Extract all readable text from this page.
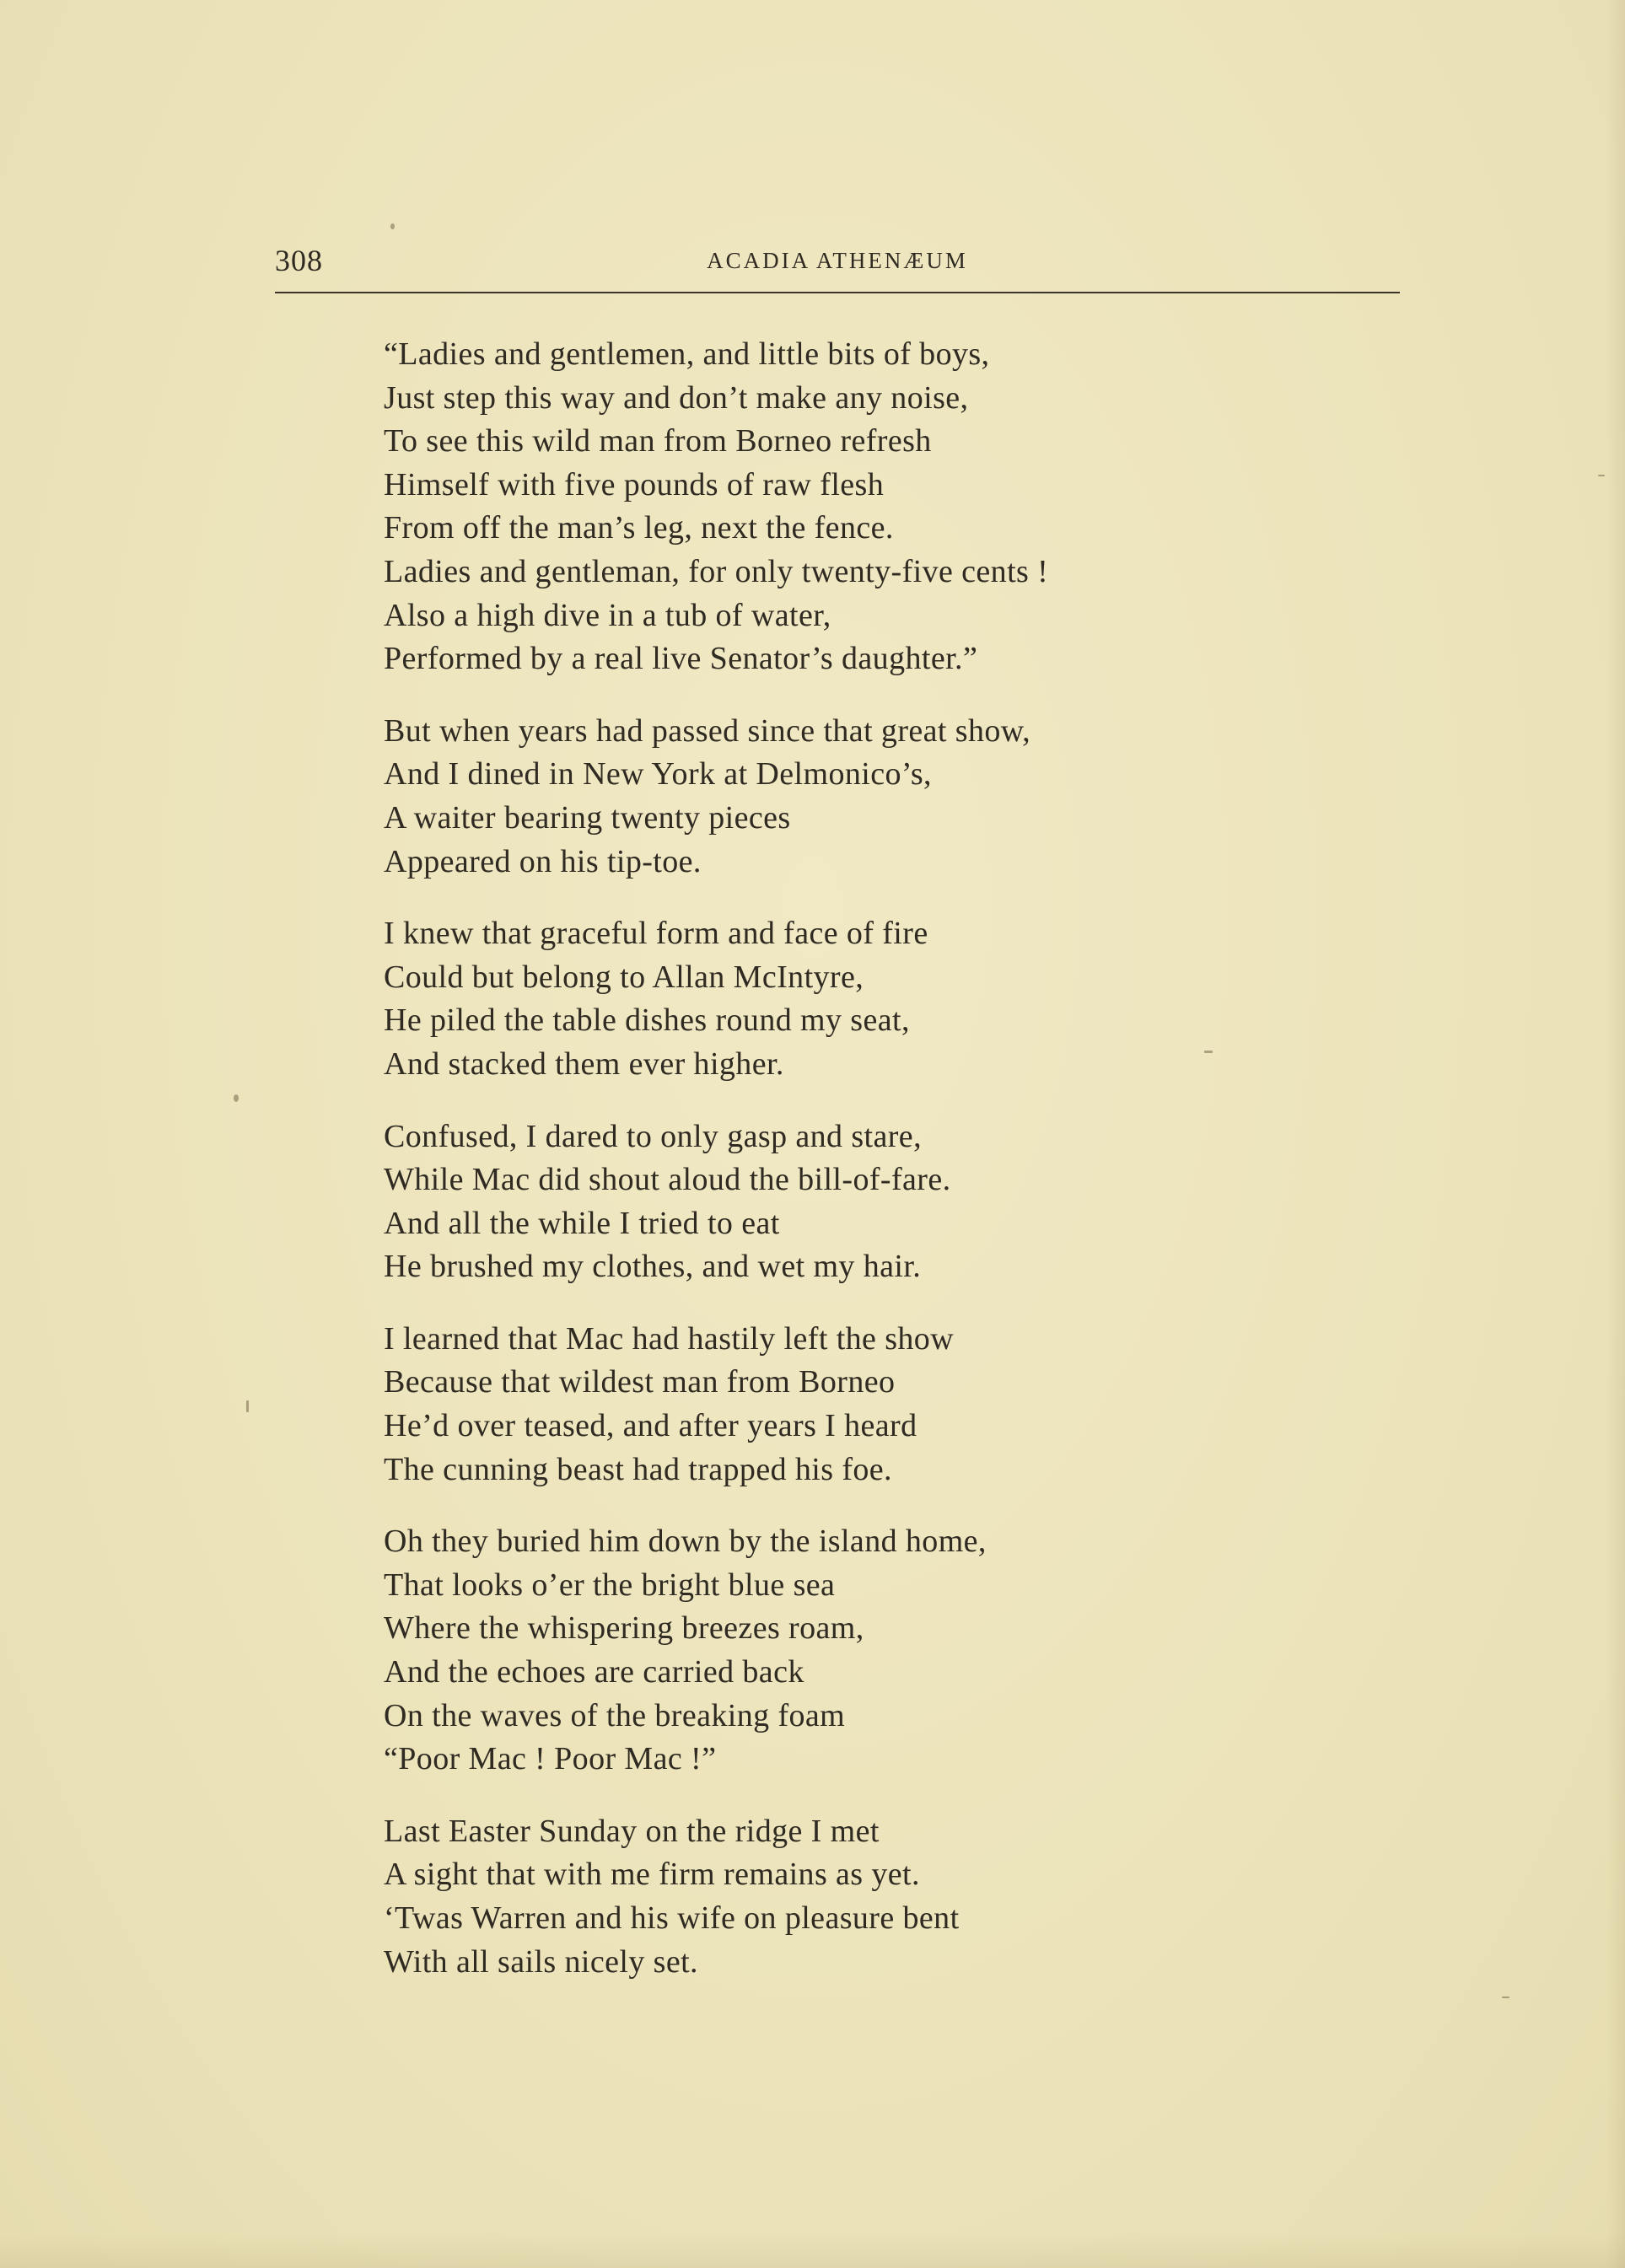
308	ACADIA ATHENÆUM
“Ladies and gentlemen, and little bits of boys,
Just step this way and don’t make any noise,
To see this wild man from Borneo refresh
Himself with five pounds of raw flesh
From off the man’s leg, next the fence.
Ladies and gentleman, for only twenty-five cents !
Also a high dive in a tub of water,
Performed by a real live Senator’s daughter.”
But when years had passed since that great show,
And I dined in New York at Delmonico’s,
A waiter bearing twenty pieces
Appeared on his tip-toe.
I knew that graceful form and face of fire
Could but belong to Allan McIntyre,
He piled the table dishes round my seat,
And stacked them ever higher.
Confused, I dared to only gasp and stare,
While Mac did shout aloud the bill-of-fare.
And all the while I tried to eat
He brushed my clothes, and wet my hair.
I learned that Mac had hastily left the show
Because that wildest man from Borneo
He’d over teased, and after years I heard
The cunning beast had trapped his foe.
Oh they buried him down by the island home,
That looks o’er the bright blue sea
Where the whispering breezes roam,
And the echoes are carried back
On the waves of the breaking foam
“Poor Mac ! Poor Mac !”
Last Easter Sunday on the ridge I met
A sight that with me firm remains as yet.
‘Twas Warren and his wife on pleasure bent
With all sails nicely set.
